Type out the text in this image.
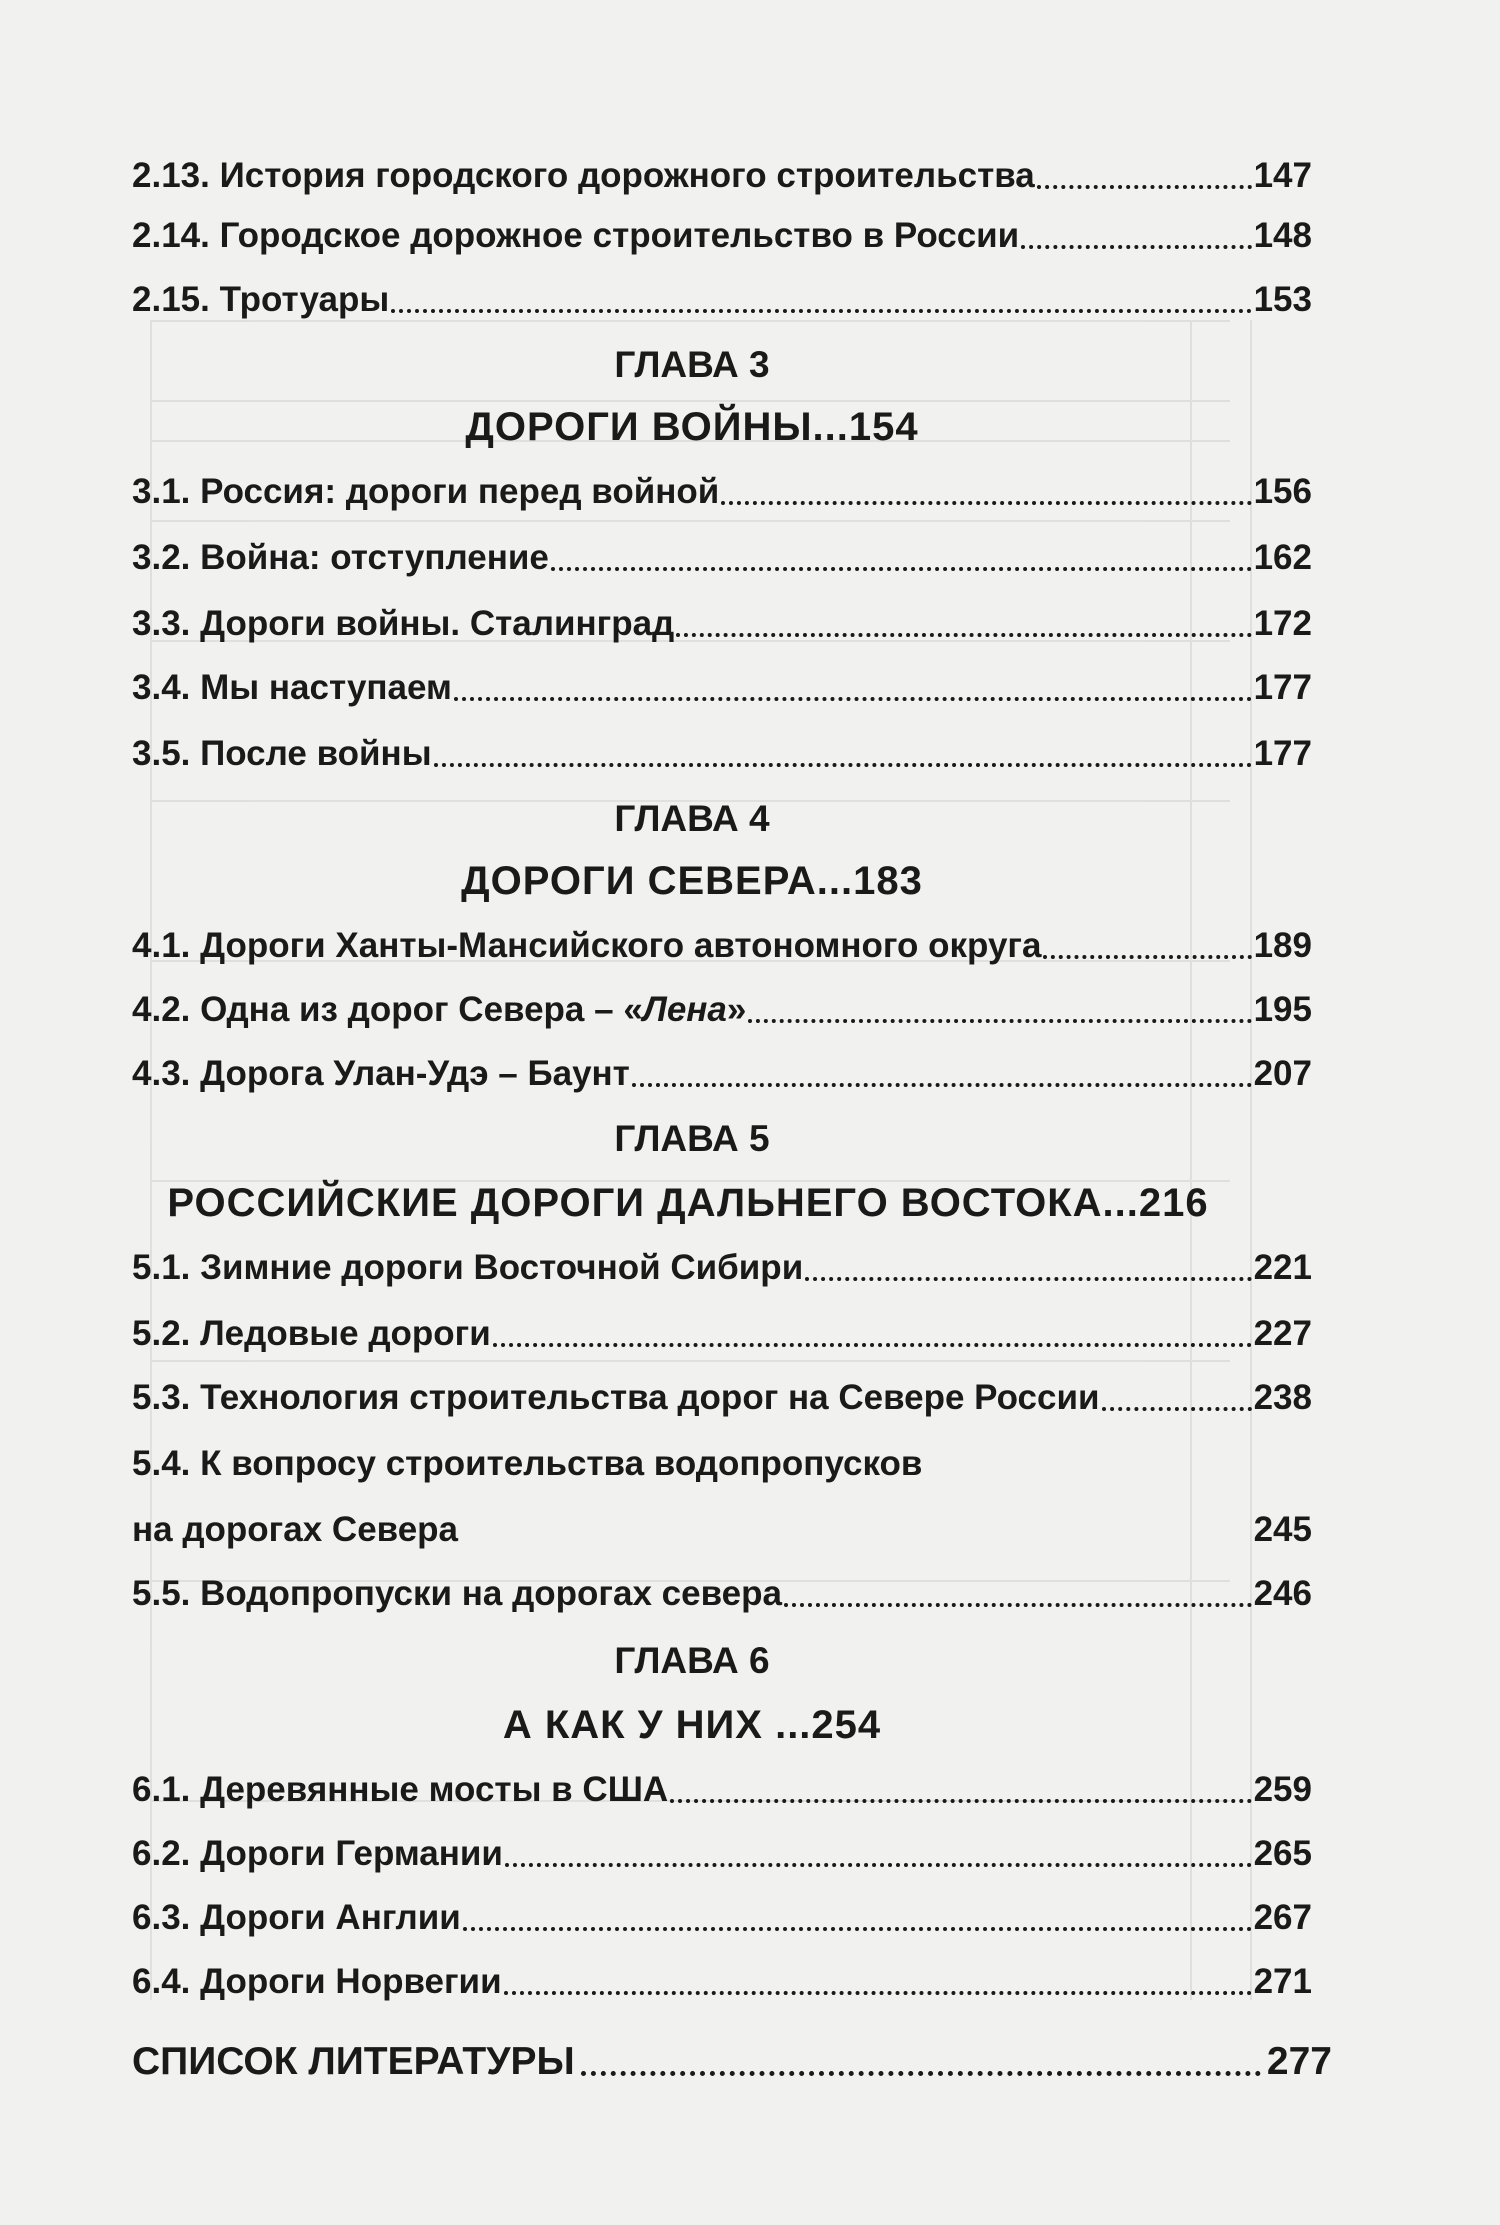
2.13. История городского дорожного строительства	147
2.14. Городское дорожное строительство в России	148
2.15. Тротуары	153
ГЛАВА 3
ДОРОГИ ВОЙНЫ...154
3.1. Россия: дороги перед войной	156
3.2. Война: отступление	162
3.3. Дороги войны. Сталинград	172
3.4. Мы наступаем	177
3.5. После войны	177
ГЛАВА 4
ДОРОГИ СЕВЕРА...183
4.1. Дороги Ханты-Мансийского автономного округа	189
4.2. Одна из дорог Севера – «Лена»	195
4.3. Дорога Улан-Удэ – Баунт	207
ГЛАВА 5
РОССИЙСКИЕ ДОРОГИ ДАЛЬНЕГО ВОСТОКА...216
5.1. Зимние дороги Восточной Сибири	221
5.2. Ледовые дороги	227
5.3. Технология строительства дорог на Севере России	238
5.4. К вопросу строительства водопропусков
на дорогах Севера	245
5.5. Водопропуски на дорогах севера	246
ГЛАВА 6
А КАК У НИХ ...254
6.1. Деревянные мосты в США	259
6.2. Дороги Германии	265
6.3. Дороги Англии	267
6.4. Дороги Норвегии	271
СПИСОК ЛИТЕРАТУРЫ	277
